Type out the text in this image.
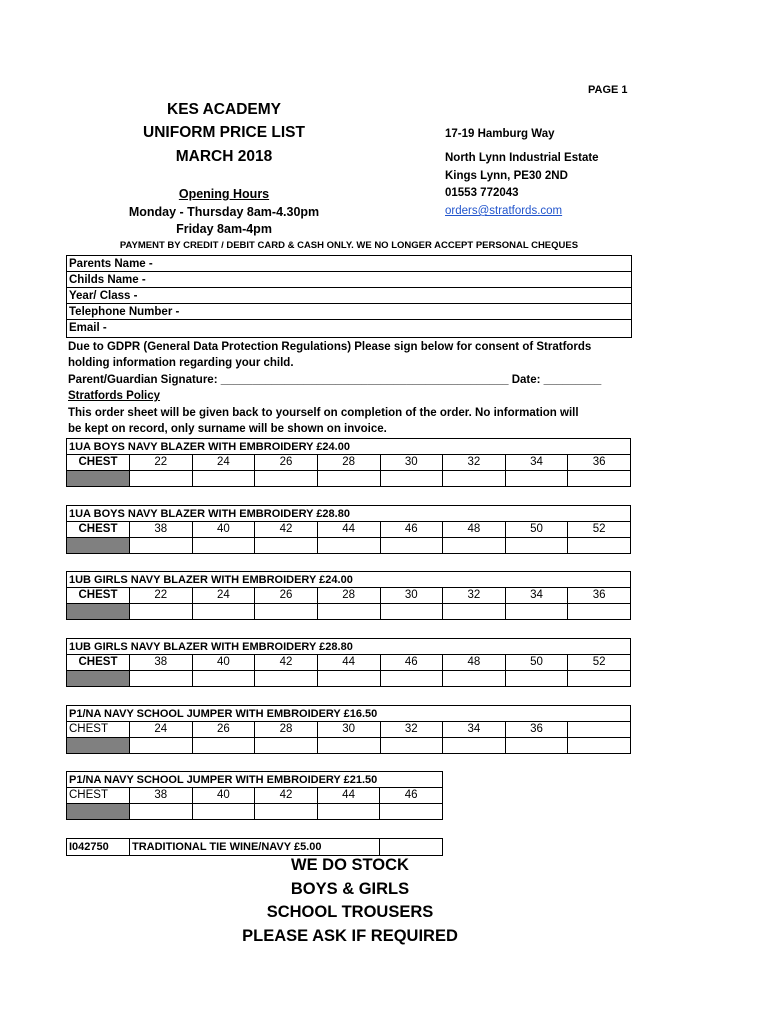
PAGE 1
KES ACADEMY
UNIFORM PRICE LIST
MARCH 2018
17-19 Hamburg Way
North Lynn Industrial Estate
Kings Lynn, PE30 2ND
01553 772043
orders@stratfords.com
Opening Hours
Monday - Thursday 8am-4.30pm
Friday 8am-4pm
PAYMENT BY CREDIT / DEBIT CARD & CASH ONLY. WE NO LONGER ACCEPT PERSONAL CHEQUES
Parents Name -
Childs Name -
Year/ Class -
Telephone Number -
Email -
Due to GDPR (General Data Protection Regulations) Please sign below for consent of Stratfords
holding information regarding your child.
Parent/Guardian Signature: _____________________________________________ Date: _________
Stratfords Policy
This order sheet will be given back to yourself on completion of the order. No information will
be kept on record, only surname will be shown on invoice.
1UA BOYS NAVY BLAZER WITH EMBROIDERY £24.00
CHEST	22	24	26	28	30	32	34	36

1UA BOYS NAVY BLAZER WITH EMBROIDERY £28.80
CHEST	38	40	42	44	46	48	50	52

1UB GIRLS NAVY BLAZER WITH EMBROIDERY £24.00
CHEST	22	24	26	28	30	32	34	36

1UB GIRLS NAVY BLAZER WITH EMBROIDERY £28.80
CHEST	38	40	42	44	46	48	50	52

P1/NA NAVY SCHOOL JUMPER WITH EMBROIDERY £16.50
CHEST	24	26	28	30	32	34	36	

P1/NA NAVY SCHOOL JUMPER WITH EMBROIDERY £21.50
CHEST	38	40	42	44	46

I042750	TRADITIONAL TIE WINE/NAVY £5.00	
WE DO STOCK
BOYS & GIRLS
SCHOOL TROUSERS
PLEASE ASK IF REQUIRED
